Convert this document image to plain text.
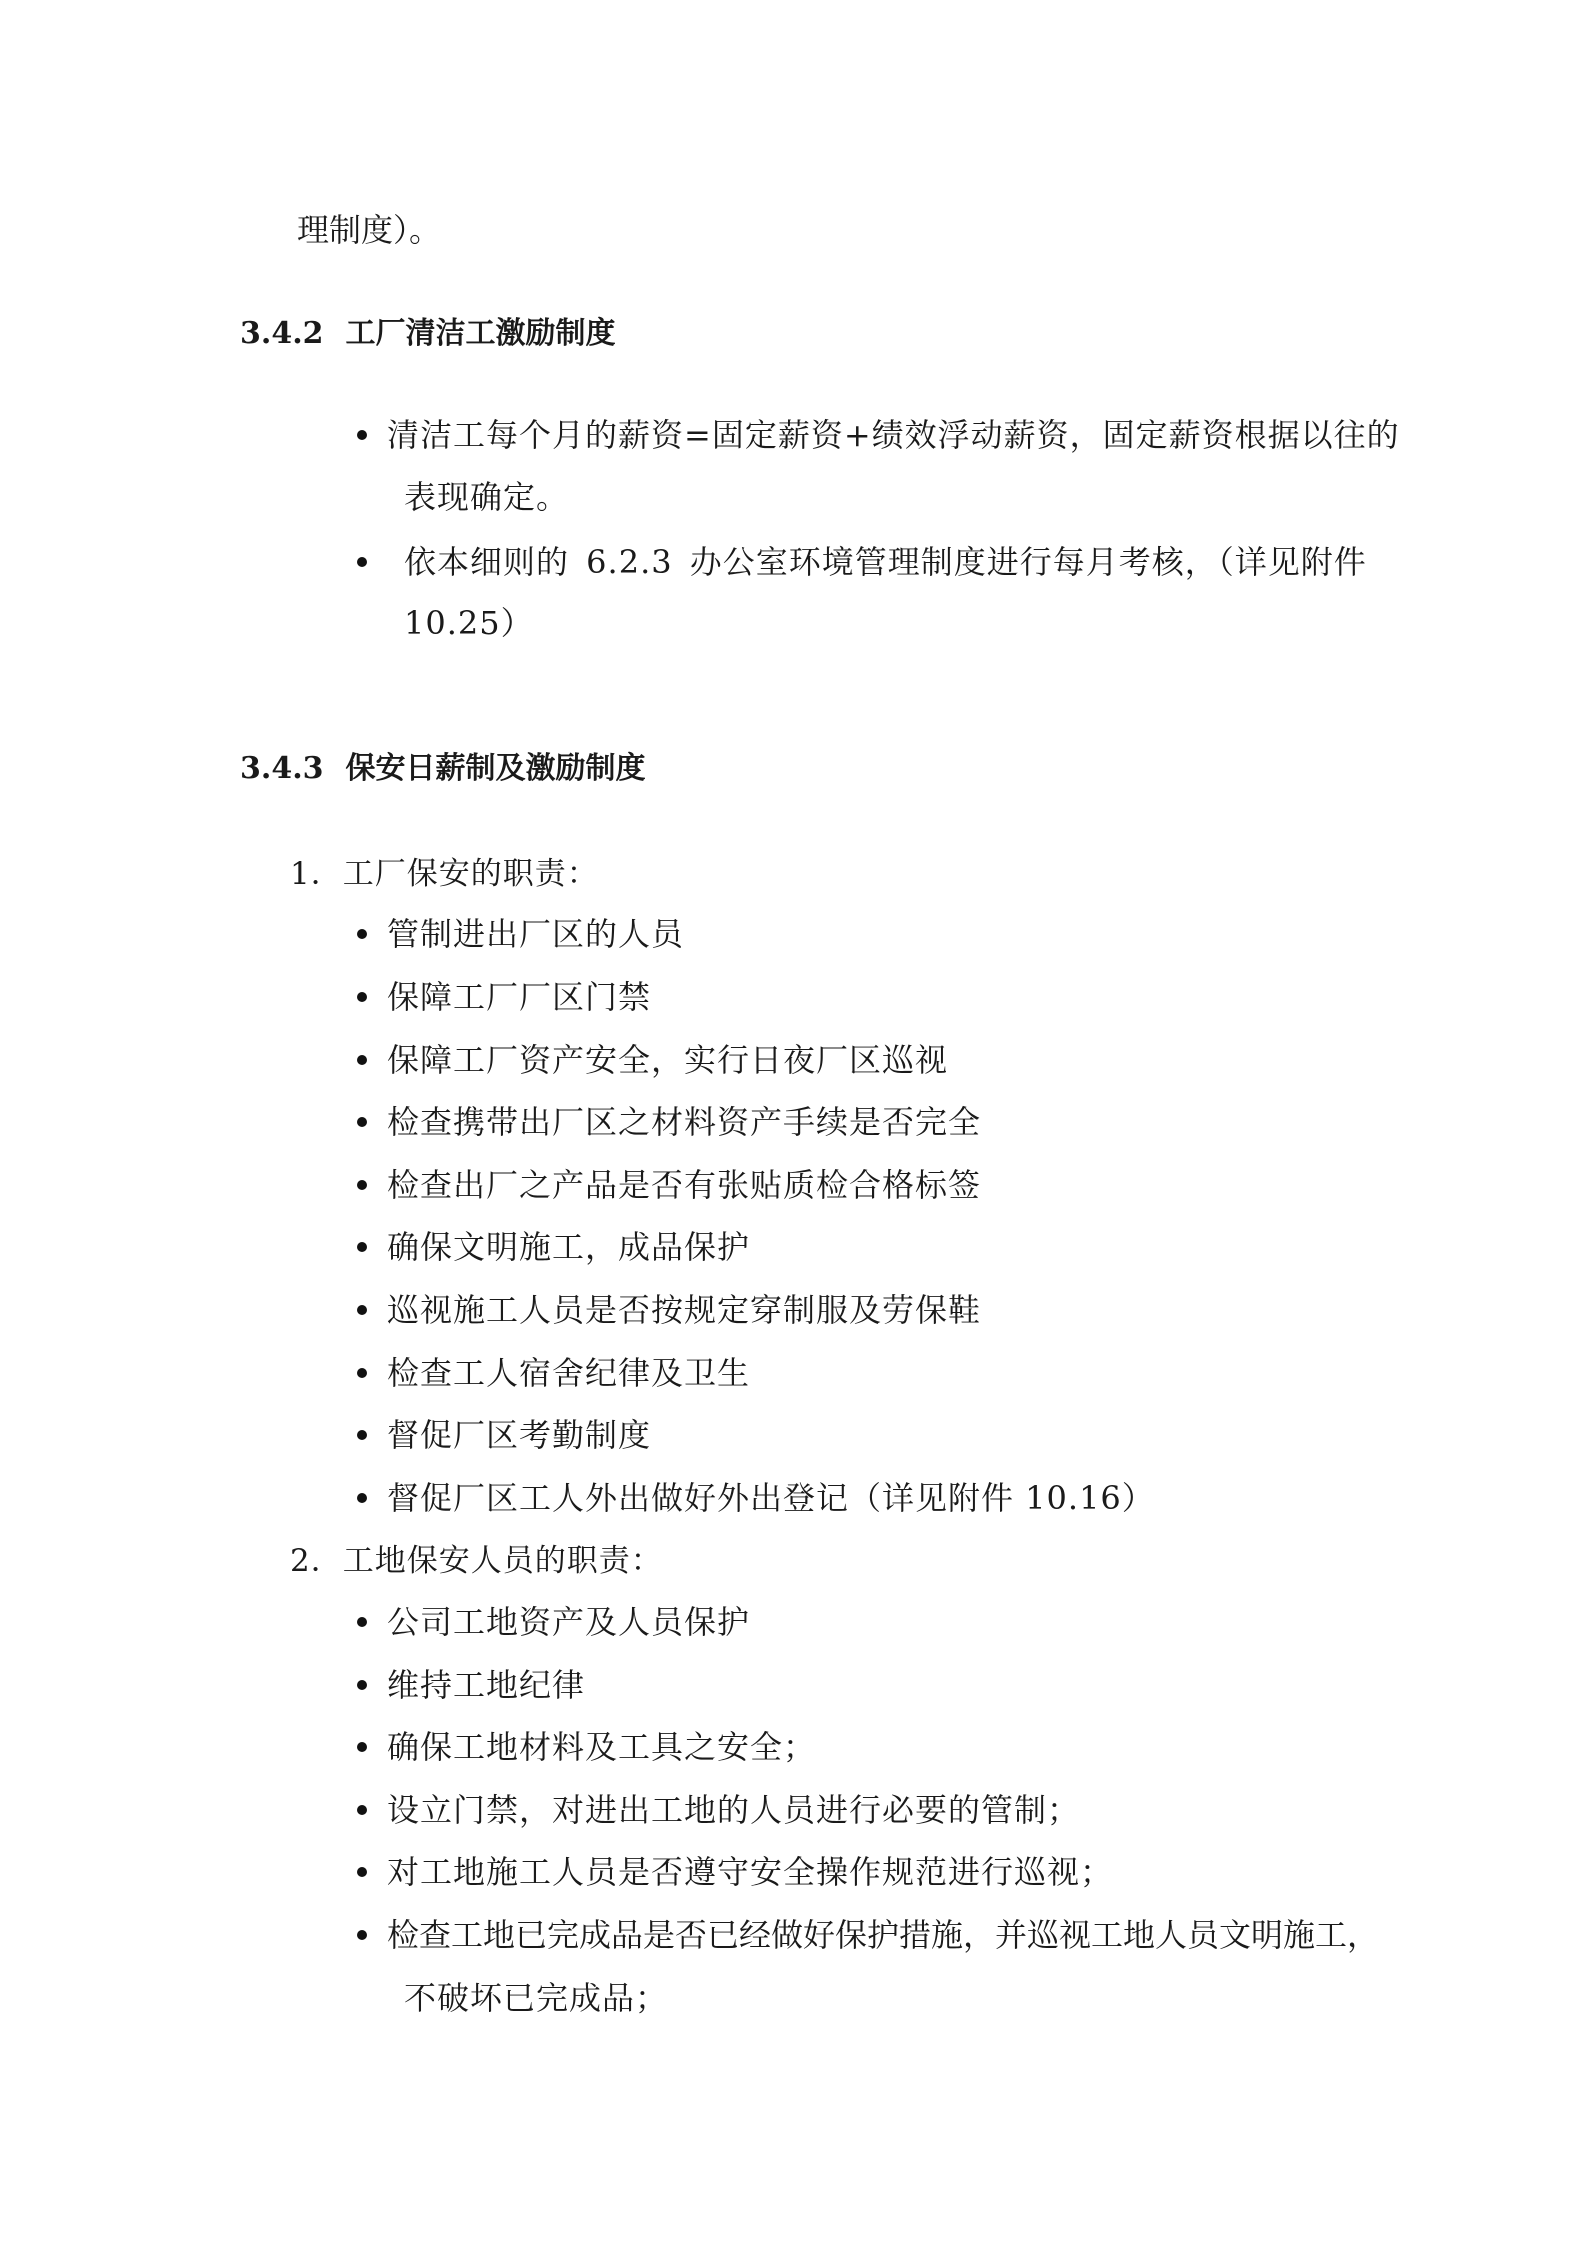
理制度）。
3.4.2 工厂清洁工激励制度
清洁工每个月的薪资=固定薪资+绩效浮动薪资，固定薪资根据以往的
表现确定。
依本细则的 6.2.3 办公室环境管理制度进行每月考核，（详见附件
10.25）
3.4.3 保安日薪制及激励制度
1．工厂保安的职责：
管制进出厂区的人员
保障工厂厂区门禁
保障工厂资产安全，实行日夜厂区巡视
检查携带出厂区之材料资产手续是否完全
检查出厂之产品是否有张贴质检合格标签
确保文明施工，成品保护
巡视施工人员是否按规定穿制服及劳保鞋
检查工人宿舍纪律及卫生
督促厂区考勤制度
督促厂区工人外出做好外出登记（详见附件 10.16）
2．工地保安人员的职责：
公司工地资产及人员保护
维持工地纪律
确保工地材料及工具之安全；
设立门禁，对进出工地的人员进行必要的管制；
对工地施工人员是否遵守安全操作规范进行巡视；
检查工地已完成品是否已经做好保护措施，并巡视工地人员文明施工，
不破坏已完成品；
